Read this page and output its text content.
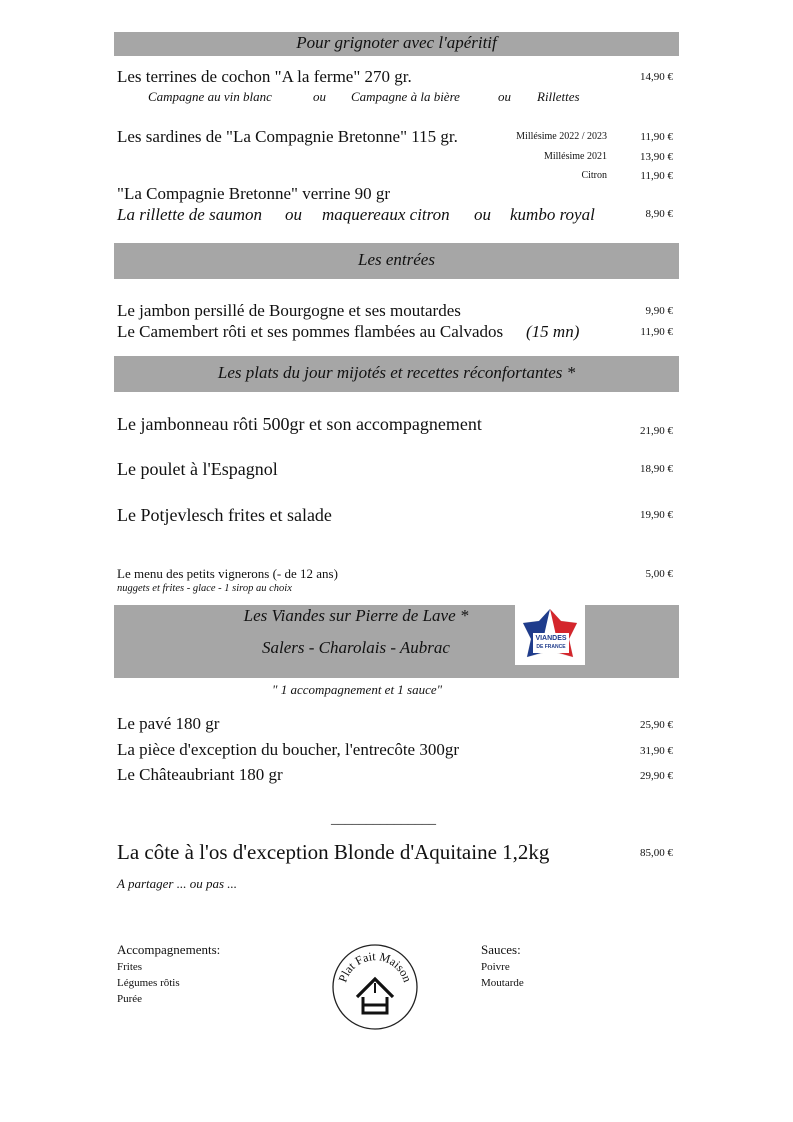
Pour grignoter avec l'apéritif
Les terrines de cochon "A la ferme" 270 gr.	14,90 €
Campagne au vin blanc	ou Campagne à la bière	ou Rillettes
Les sardines de "La Compagnie Bretonne" 115 gr.	Millésime 2022 / 2023	11,90 €
Millésime 2021	13,90 €
Citron	11,90 €
"La Compagnie Bretonne" verrine 90 gr
La rillette de saumon ou maquereaux citron ou kumbo royal	8,90 €
Les entrées
Le jambon persillé de Bourgogne et ses moutardes	9,90 €
Le Camembert rôti et ses pommes flambées au Calvados (15 mn)	11,90 €
Les plats du jour mijotés et recettes réconfortantes *
Le jambonneau rôti 500gr et son accompagnement	21,90 €
Le poulet à l'Espagnol	18,90 €
Le Potjevlesch frites et salade	19,90 €
Le menu des petits vignerons (- de 12 ans)	5,00 €
nuggets et frites - glace - 1 sirop au choix
Les Viandes sur Pierre de Lave *
Salers - Charolais - Aubrac	VIANDES
DE FRANCE
" 1 accompagnement et 1 sauce"
Le pavé 180 gr	25,90 €
La pièce d'exception du boucher, l'entrecôte 300gr	31,90 €
Le Châteaubriant 180 gr	29,90 €
_______________
La côte à l'os d'exception Blonde d'Aquitaine 1,2kg	85,00 €
A partager ... ou pas ...
Accompagnements:
Frites
Légumes rôtis
Purée
Plat Fait Maison
Sauces:
Poivre
Moutarde
